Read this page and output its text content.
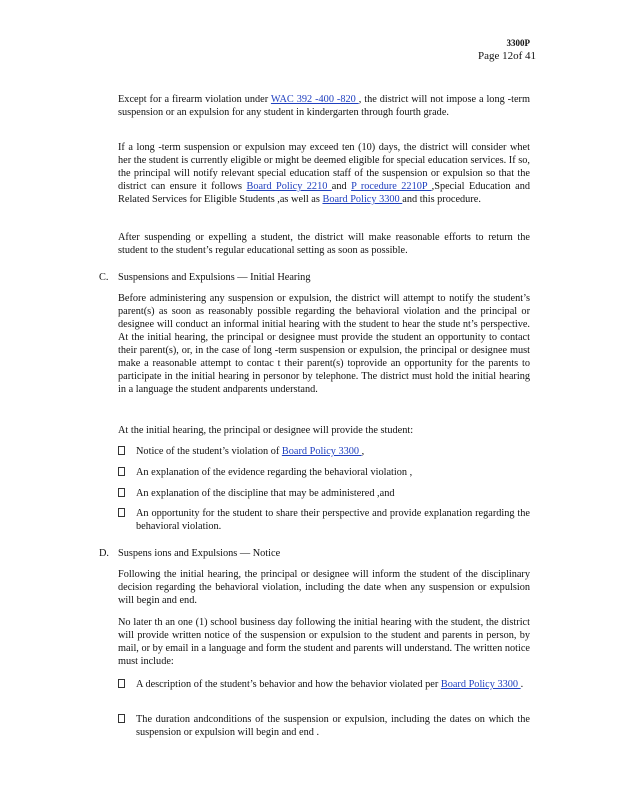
3300P
Page 12of 41

Except for a firearm violation under WAC 392 -400 -820 , the district will not impose a long -term suspension or an expulsion for any student in kindergarten through fourth grade.

If a long -term suspension or expulsion may exceed ten (10) days, the district will consider whet her the student is currently eligible or might be deemed eligible for special education services. If so, the principal will notify relevant special education staff of the suspension or expulsion so that the district can ensure it follows Board Policy 2210 and P rocedure 2210P ,Special Education and Related Services for Eligible Students ,as well as Board Policy 3300 and this procedure.

After suspending or expelling a student, the district will make reasonable efforts to return the student to the student’s regular educational setting as soon as possible.

C. Suspensions and Expulsions — Initial Hearing

Before administering any suspension or expulsion, the district will attempt to notify the student’s parent(s) as soon as reasonably possible regarding the behavioral violation and the principal or designee will conduct an informal initial hearing with the student to hear the stude nt’s perspective. At the initial hearing, the principal or designee must provide the student an opportunity to contact their parent(s), or, in the case of long -term suspension or expulsion, the principal or designee must make a reasonable attempt to contac t their parent(s) toprovide an opportunity for the parents to participate in the initial hearing in personor by telephone. The district must hold the initial hearing in a language the student andparents understand.

At the initial hearing, the principal or designee will provide the student:

Notice of the student’s violation of Board Policy 3300 ,
An explanation of the evidence regarding the behavioral violation ,
An explanation of the discipline that may be administered ,and
An opportunity for the student to share their perspective and provide explanation regarding the behavioral violation.
D. Suspens ions and Expulsions — Notice

Following the initial hearing, the principal or designee will inform the student of the disciplinary decision regarding the behavioral violation, including the date when any suspension or expulsion will begin and end.

No later th an one (1) school business day following the initial hearing with the student, the district will provide written notice of the suspension or expulsion to the student and parents in person, by mail, or by email in a language and form the student and parents will understand. The written notice must include:

A description of the student’s behavior and how the behavior violated per Board Policy 3300 .
The duration andconditions of the suspension or expulsion, including the dates on which the suspension or expulsion will begin and end .
